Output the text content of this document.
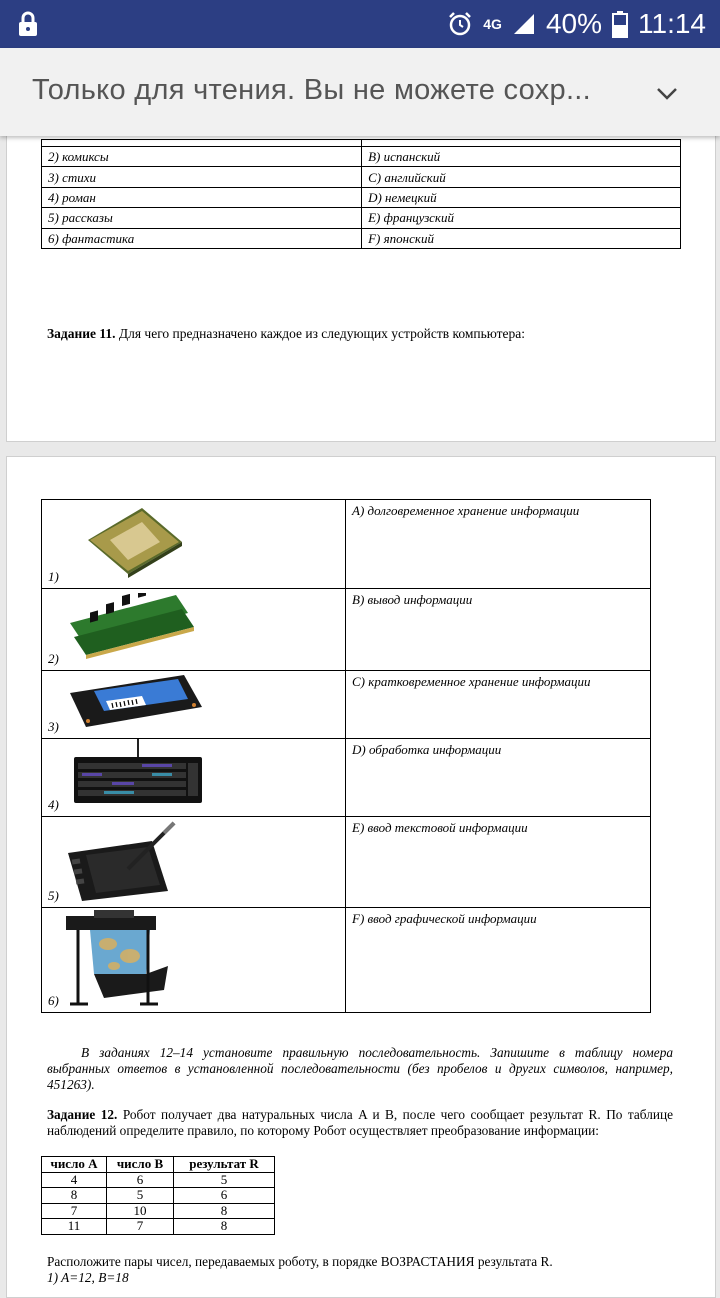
4G 40% 11:14
Только для чтения. Вы не можете сохр...

2) комиксы	B) испанский
3) стихи	C) английский
4) роман	D) немецкий
5) рассказы	E) французский
6) фантастика	F) японский
Задание 11. Для чего предназначено каждое из следующих устройств компьютера:
1)	A) долговременное хранение информации

2)	B) вывод информации

3)	C) кратковременное хранение информации

4)	D) обработка информации

5)	E) ввод текстовой информации

6)	F) ввод графической информации
В заданиях 12–14 установите правильную последовательность. Запишите в таблицу номера выбранных ответов в установленной последовательности (без пробелов и других символов, например, 451263).
Задание 12. Робот получает два натуральных числа A и B, после чего сообщает результат R. По таблице наблюдений определите правило, по которому Робот осуществляет преобразование информации:
число A	число B	результат R
4	6	5
8	5	6
7	10	8
11	7	8
Расположите пары чисел, передаваемых роботу, в порядке ВОЗРАСТАНИЯ результата R.
1) A=12, B=18
